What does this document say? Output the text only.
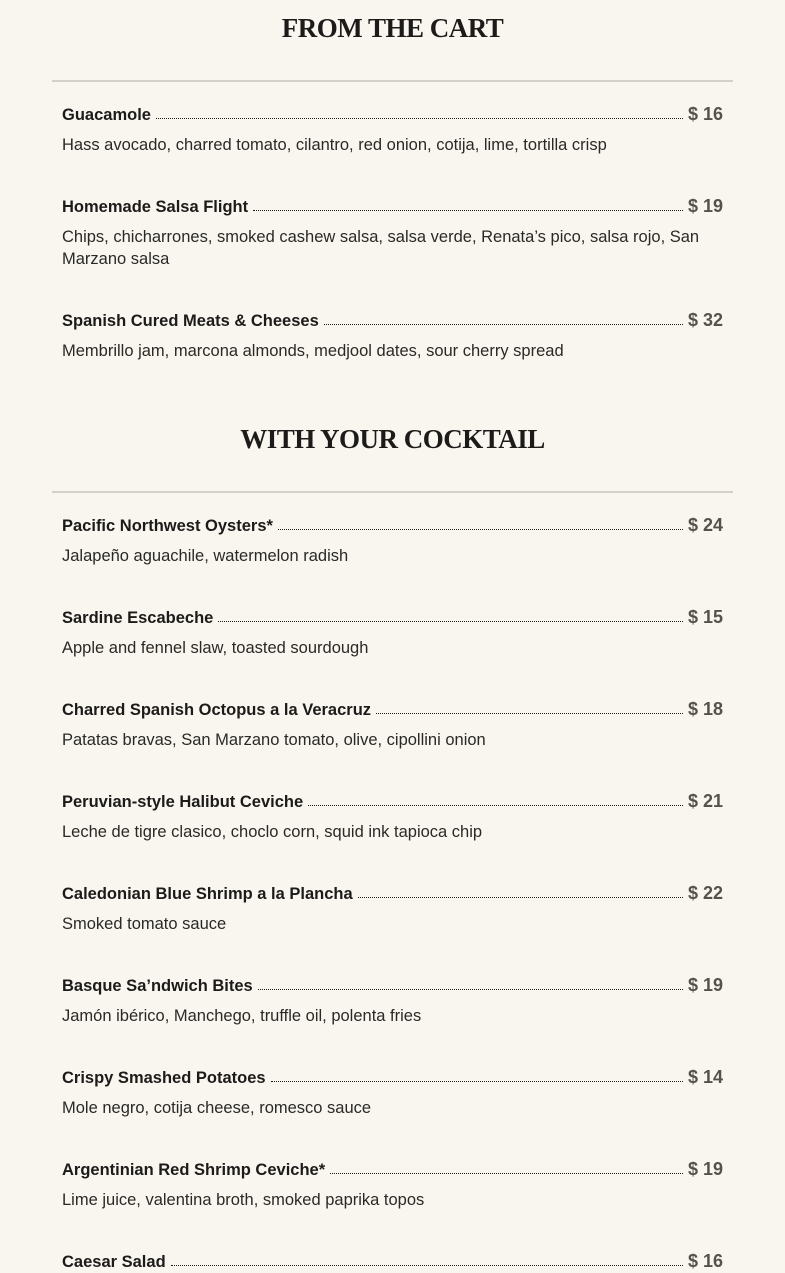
FROM THE CART
Guacamole	$ 16
Hass avocado, charred tomato, cilantro, red onion, cotija, lime, tortilla crisp
Homemade Salsa Flight	$ 19
Chips, chicharrones, smoked cashew salsa, salsa verde, Renata’s pico, salsa rojo, San Marzano salsa
Spanish Cured Meats & Cheeses	$ 32
Membrillo jam, marcona almonds, medjool dates, sour cherry spread
WITH YOUR COCKTAIL
Pacific Northwest Oysters*	$ 24
Jalapeño aguachile, watermelon radish
Sardine Escabeche	$ 15
Apple and fennel slaw, toasted sourdough
Charred Spanish Octopus a la Veracruz	$ 18
Patatas bravas, San Marzano tomato, olive, cipollini onion
Peruvian-style Halibut Ceviche	$ 21
Leche de tigre clasico, choclo corn, squid ink tapioca chip
Caledonian Blue Shrimp a la Plancha	$ 22
Smoked tomato sauce
Basque Sa’ndwich Bites	$ 19
Jamón ibérico, Manchego, truffle oil, polenta fries
Crispy Smashed Potatoes	$ 14
Mole negro, cotija cheese, romesco sauce
Argentinian Red Shrimp Ceviche*	$ 19
Lime juice, valentina broth, smoked paprika topos
Caesar Salad	$ 16
